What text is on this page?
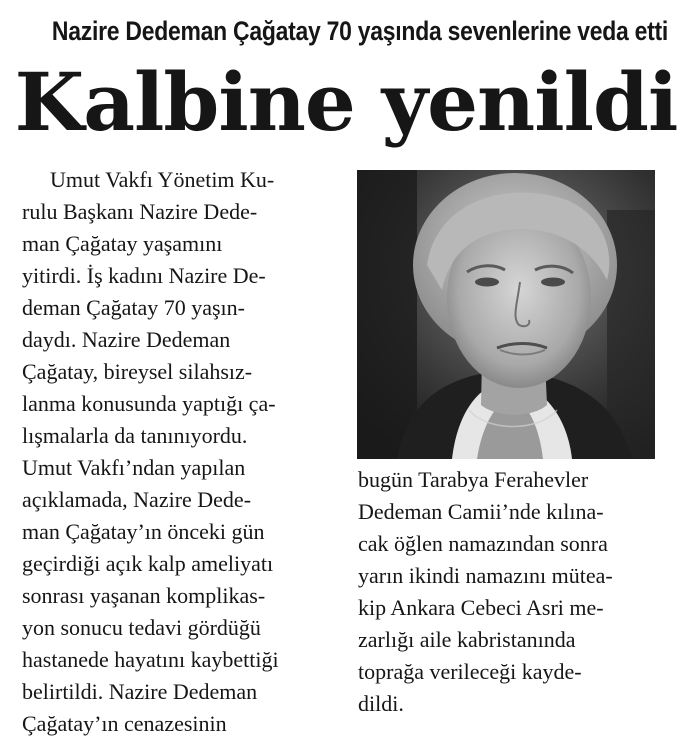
Nazire Dedeman Çağatay 70 yaşında sevenlerine veda etti
Kalbine yenildi
Umut Vakfı Yönetim Ku-
rulu Başkanı Nazire Dede-
man Çağatay yaşamını
yitirdi. İş kadını Nazire De-
deman Çağatay 70 yaşın-
daydı. Nazire Dedeman
Çağatay, bireysel silahsız-
lanma konusunda yaptığı ça-
lışmalarla da tanınıyordu.
Umut Vakfı’ndan yapılan
açıklamada, Nazire Dede-
man Çağatay’ın önceki gün
geçirdiği açık kalp ameliyatı
sonrası yaşanan komplikas-
yon sonucu tedavi gördüğü
hastanede hayatını kaybettiği
belirtildi. Nazire Dedeman
Çağatay’ın cenazesinin
bugün Tarabya Ferahevler
Dedeman Camii’nde kılına-
cak öğlen namazından sonra
yarın ikindi namazını mütea-
kip Ankara Cebeci Asri me-
zarlığı aile kabristanında
toprağa verileceği kayde-
dildi.
